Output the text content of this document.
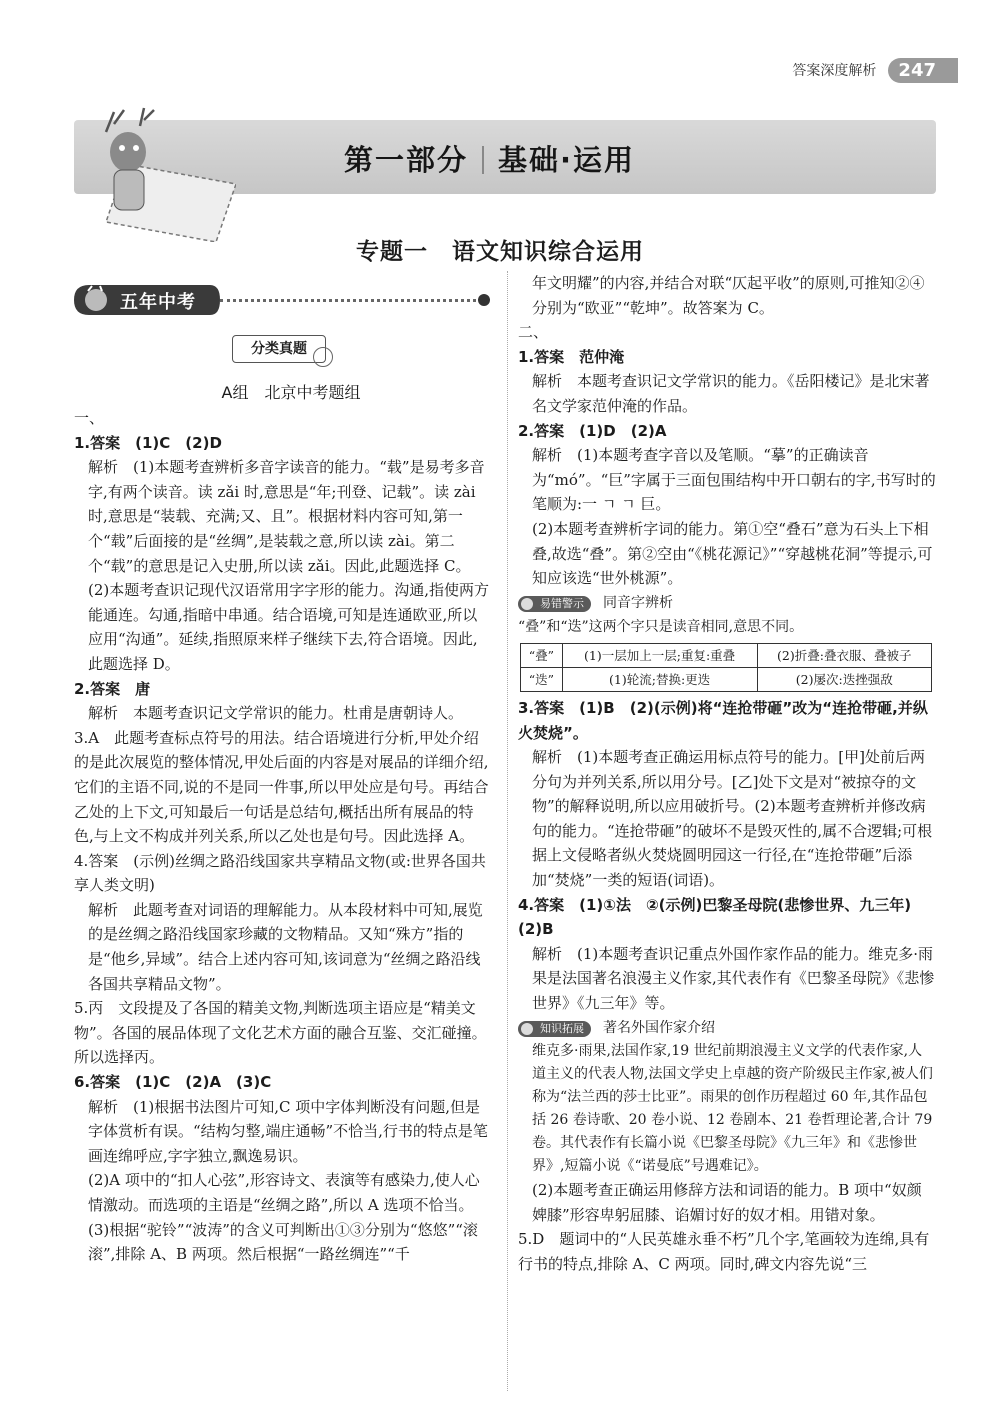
答案深度解析	247
第一部分 基础·运用
专题一　语文知识综合运用
五年中考
分类真题
A组　北京中考题组

一、

1.答案　(1)C　(2)D

解析　(1)本题考查辨析多音字读音的能力。“载”是易考多音字,有两个读音。读 zǎi 时,意思是“年;刊登、记载”。读 zài 时,意思是“装载、充满;又、且”。根据材料内容可知,第一个“载”后面接的是“丝绸”,是装载之意,所以读 zài。第二个“载”的意思是记入史册,所以读 zǎi。因此,此题选择 C。

(2)本题考查识记现代汉语常用字字形的能力。沟通,指使两方能通连。勾通,指暗中串通。结合语境,可知是连通欧亚,所以应用“沟通”。延续,指照原来样子继续下去,符合语境。因此,此题选择 D。

2.答案　唐

解析　本题考查识记文学常识的能力。杜甫是唐朝诗人。

3.A　此题考查标点符号的用法。结合语境进行分析,甲处介绍的是此次展览的整体情况,甲处后面的内容是对展品的详细介绍,它们的主语不同,说的不是同一件事,所以甲处应是句号。再结合乙处的上下文,可知最后一句话是总结句,概括出所有展品的特色,与上文不构成并列关系,所以乙处也是句号。因此选择 A。

4.答案　(示例)丝绸之路沿线国家共享精品文物(或:世界各国共享人类文明)

解析　此题考查对词语的理解能力。从本段材料中可知,展览的是丝绸之路沿线国家珍藏的文物精品。又知“殊方”指的是“他乡,异域”。结合上述内容可知,该词意为“丝绸之路沿线各国共享精品文物”。

5.丙　文段提及了各国的精美文物,判断选项主语应是“精美文物”。各国的展品体现了文化艺术方面的融合互鉴、交汇碰撞。所以选择丙。

6.答案　(1)C　(2)A　(3)C

解析　(1)根据书法图片可知,C 项中字体判断没有问题,但是字体赏析有误。“结构匀整,端庄通畅”不恰当,行书的特点是笔画连绵呼应,字字独立,飘逸易识。

(2)A 项中的“扣人心弦”,形容诗文、表演等有感染力,使人心情激动。而选项的主语是“丝绸之路”,所以 A 选项不恰当。

(3)根据“驼铃”“波涛”的含义可判断出①③分别为“悠悠”“滚滚”,排除 A、B 两项。然后根据“一路丝绸连”“千

年文明耀”的内容,并结合对联“仄起平收”的原则,可推知②④分别为“欧亚”“乾坤”。故答案为 C。

二、

1.答案　范仲淹

解析　本题考查识记文学常识的能力。《岳阳楼记》是北宋著名文学家范仲淹的作品。

2.答案　(1)D　(2)A

解析　(1)本题考查字音以及笔顺。“摹”的正确读音为“mó”。“巨”字属于三面包围结构中开口朝右的字,书写时的笔顺为:一 ㄱ ㄱ 巨。

(2)本题考查辨析字词的能力。第①空“叠石”意为石头上下相叠,故选“叠”。第②空由“《桃花源记》”“穿越桃花洞”等提示,可知应该选“世外桃源”。

易错警示 同音字辨析

“叠”和“迭”这两个字只是读音相同,意思不同。

“叠”	(1)一层加上一层;重复:重叠	(2)折叠:叠衣服、叠被子
“迭”	(1)轮流;替换:更迭	(2)屡次:迭挫强敌

3.答案　(1)B　(2)(示例)将“连抢带砸”改为“连抢带砸,并纵火焚烧”。

解析　(1)本题考查正确运用标点符号的能力。[甲]处前后两分句为并列关系,所以用分号。[乙]处下文是对“被掠夺的文物”的解释说明,所以应用破折号。(2)本题考查辨析并修改病句的能力。“连抢带砸”的破坏不是毁灭性的,属不合逻辑;可根据上文侵略者纵火焚烧圆明园这一行径,在“连抢带砸”后添加“焚烧”一类的短语(词语)。

4.答案　(1)①法　②(示例)巴黎圣母院(悲惨世界、九三年)　(2)B

解析　(1)本题考查识记重点外国作家作品的能力。维克多·雨果是法国著名浪漫主义作家,其代表作有《巴黎圣母院》《悲惨世界》《九三年》等。

知识拓展 著名外国作家介绍

维克多·雨果,法国作家,19 世纪前期浪漫主义文学的代表作家,人道主义的代表人物,法国文学史上卓越的资产阶级民主作家,被人们称为“法兰西的莎士比亚”。雨果的创作历程超过 60 年,其作品包括 26 卷诗歌、20 卷小说、12 卷剧本、21 卷哲理论著,合计 79 卷。其代表作有长篇小说《巴黎圣母院》《九三年》和《悲惨世界》,短篇小说《“诺曼底”号遇难记》。

(2)本题考查正确运用修辞方法和词语的能力。B 项中“奴颜婢膝”形容卑躬屈膝、谄媚讨好的奴才相。用错对象。

5.D　题词中的“人民英雄永垂不朽”几个字,笔画较为连绵,具有行书的特点,排除 A、C 两项。同时,碑文内容先说“三
